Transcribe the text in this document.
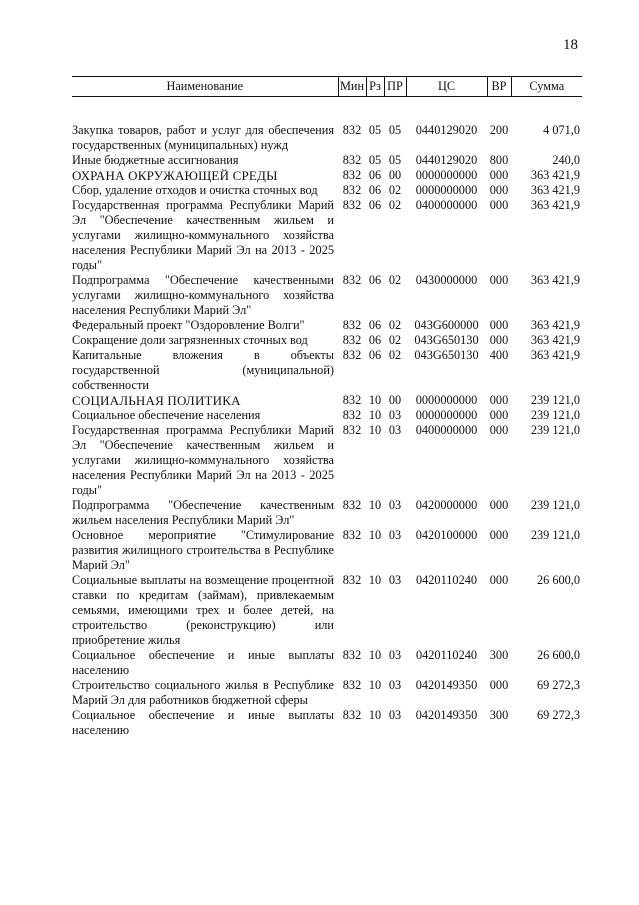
18
Наименование	Мин	Рз	ПР	ЦС	ВР	Сумма
Закупка товаров, работ и услуг для обеспечения государственных (муниципальных) нужд	832	05	05	0440129020	200	4 071,0
Иные бюджетные ассигнования	832	05	05	0440129020	800	240,0
ОХРАНА ОКРУЖАЮЩЕЙ СРЕДЫ	832	06	00	0000000000	000	363 421,9
Сбор, удаление отходов и очистка сточных вод	832	06	02	0000000000	000	363 421,9
Государственная программа Республики Марий Эл "Обеспечение качественным жильем и услугами жилищно-коммунального хозяйства населения Республики Марий Эл на 2013 - 2025 годы"	832	06	02	0400000000	000	363 421,9
Подпрограмма "Обеспечение качественными услугами жилищно-коммунального хозяйства населения Республики Марий Эл"	832	06	02	0430000000	000	363 421,9
Федеральный проект "Оздоровление Волги"	832	06	02	043G600000	000	363 421,9
Сокращение доли загрязненных сточных вод	832	06	02	043G650130	000	363 421,9
Капитальные вложения в объекты государственной (муниципальной) собственности	832	06	02	043G650130	400	363 421,9
СОЦИАЛЬНАЯ ПОЛИТИКА	832	10	00	0000000000	000	239 121,0
Социальное обеспечение населения	832	10	03	0000000000	000	239 121,0
Государственная программа Республики Марий Эл "Обеспечение качественным жильем и услугами жилищно-коммунального хозяйства населения Республики Марий Эл на 2013 - 2025 годы"	832	10	03	0400000000	000	239 121,0
Подпрограмма "Обеспечение качественным жильем населения Республики Марий Эл"	832	10	03	0420000000	000	239 121,0
Основное мероприятие "Стимулирование развития жилищного строительства в Республике Марий Эл"	832	10	03	0420100000	000	239 121,0
Социальные выплаты на возмещение процентной ставки по кредитам (займам), привлекаемым семьями, имеющими трех и более детей, на строительство (реконструкцию) или приобретение жилья	832	10	03	0420110240	000	26 600,0
Социальное обеспечение и иные выплаты населению	832	10	03	0420110240	300	26 600,0
Строительство социального жилья в Республике Марий Эл для работников бюджетной сферы	832	10	03	0420149350	000	69 272,3
Социальное обеспечение и иные выплаты населению	832	10	03	0420149350	300	69 272,3
